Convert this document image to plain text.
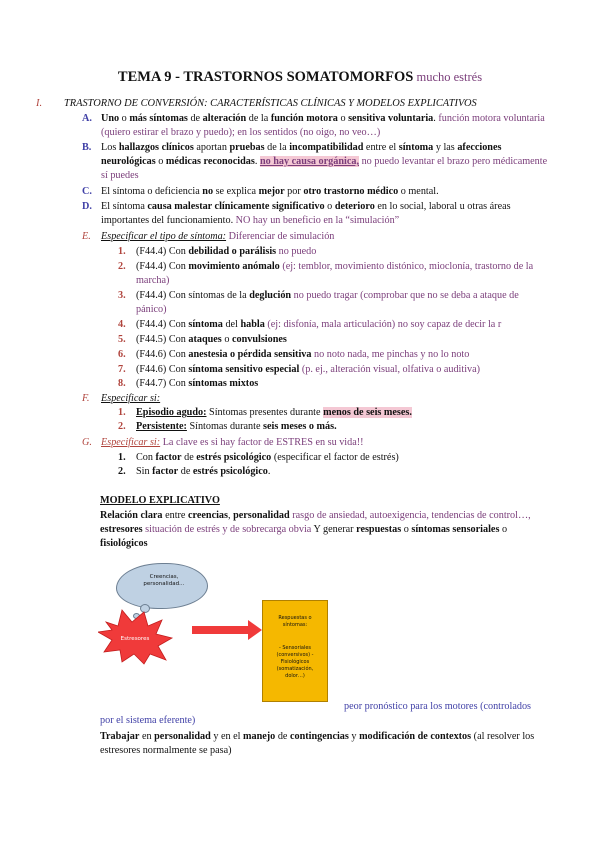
TEMA 9 - TRASTORNOS SOMATOMORFOS mucho estrés
I. TRASTORNO DE CONVERSIÓN: CARACTERÍSTICAS CLÍNICAS Y MODELOS EXPLICATIVOS
A. Uno o más síntomas de alteración de la función motora o sensitiva voluntaria. función motora voluntaria (quiero estirar el brazo y puedo); en los sentidos (no oigo, no veo…)
B. Los hallazgos clínicos aportan pruebas de la incompatibilidad entre el síntoma y las afecciones neurológicas o médicas reconocidas. no hay causa orgánica, no puedo levantar el brazo pero médicamente sí puedes
C. El síntoma o deficiencia no se explica mejor por otro trastorno médico o mental.
D. El síntoma causa malestar clínicamente significativo o deterioro en lo social, laboral u otras áreas importantes del funcionamiento. NO hay un beneficio en la “simulación”
E. Especificar el tipo de síntoma: Diferenciar de simulación
1. (F44.4) Con debilidad o parálisis no puedo
2. (F44.4) Con movimiento anómalo (ej: temblor, movimiento distónico, mioclonía, trastorno de la marcha)
3. (F44.4) Con síntomas de la deglución no puedo tragar (comprobar que no se deba a ataque de pánico)
4. (F44.4) Con síntoma del habla (ej: disfonía, mala articulación) no soy capaz de decir la r
5. (F44.5) Con ataques o convulsiones
6. (F44.6) Con anestesia o pérdida sensitiva no noto nada, me pinchas y no lo noto
7. (F44.6) Con síntoma sensitivo especial (p. ej., alteración visual, olfativa o auditiva)
8. (F44.7) Con síntomas mixtos
F. Especificar si:
1. Episodio agudo: Síntomas presentes durante menos de seis meses.
2. Persistente: Síntomas durante seis meses o más.
G. Especificar si: La clave es si hay factor de ESTRES en su vida!!
1. Con factor de estrés psicológico (especificar el factor de estrés)
2. Sin factor de estrés psicológico.
MODELO EXPLICATIVO
Relación clara entre creencias, personalidad rasgo de ansiedad, autoexigencia, tendencias de control…, estresores situación de estrés y de sobrecarga obvia Y generar respuestas o síntomas sensoriales o fisiológicos
Creencias, personalidad…
Estresores
Respuestas o síntomas:
- Sensoriales (conversivos) -Fisiológicos (somatización, dolor…)
peor pronóstico para los motores (controlados
por el sistema eferente)
Trabajar en personalidad y en el manejo de contingencias y modificación de contextos (al resolver los estresores normalmente se pasa)
